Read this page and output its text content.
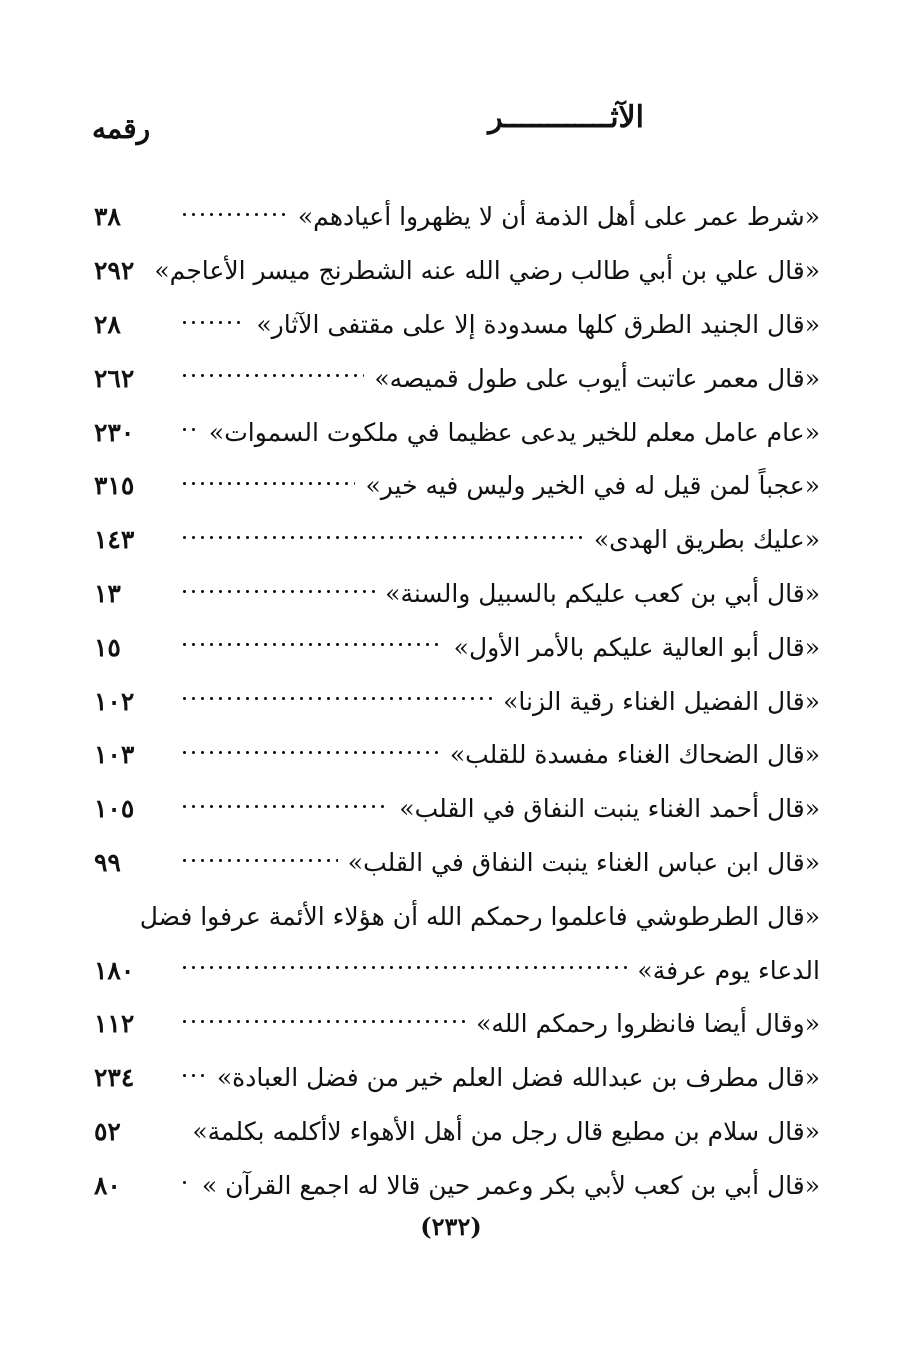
الآثــــــــــــر
رقمه
«شرط عمر على أهل الذمة أن لا يظهروا أعيادهم»
٣٨
«قال علي بن أبي طالب رضي الله عنه الشطرنج ميسر الأعاجم»
٢٩٢
«قال الجنيد الطرق كلها مسدودة إلا على مقتفى الآثار»
٢٨
«قال معمر عاتبت أيوب على طول قميصه»
٢٦٢
«عام عامل معلم للخير يدعى عظيما في ملكوت السموات»
٢٣٠
«عجباً لمن قيل له في الخير وليس فيه خير»
٣١٥
«عليك بطريق الهدى»
١٤٣
«قال أبي بن كعب عليكم بالسبيل والسنة»
١٣
«قال أبو العالية عليكم بالأمر الأول»
١٥
«قال الفضيل الغناء رقية الزنا»
١٠٢
«قال الضحاك الغناء مفسدة للقلب»
١٠٣
«قال أحمد الغناء ينبت النفاق في القلب»
١٠٥
«قال ابن عباس الغناء ينبت النفاق في القلب»
٩٩
«قال الطرطوشي فاعلموا رحمكم الله أن هؤلاء الأئمة عرفوا فضل
الدعاء يوم عرفة»
١٨٠
«وقال أيضا فانظروا رحمكم الله»
١١٢
«قال مطرف بن عبدالله فضل العلم خير من فضل العبادة»
٢٣٤
«قال سلام بن مطيع قال رجل من أهل الأهواء لاأكلمه بكلمة»
٥٢
«قال أبي بن كعب لأبي بكر وعمر حين قالا له اجمع القرآن »
٨٠
(٢٣٢)
